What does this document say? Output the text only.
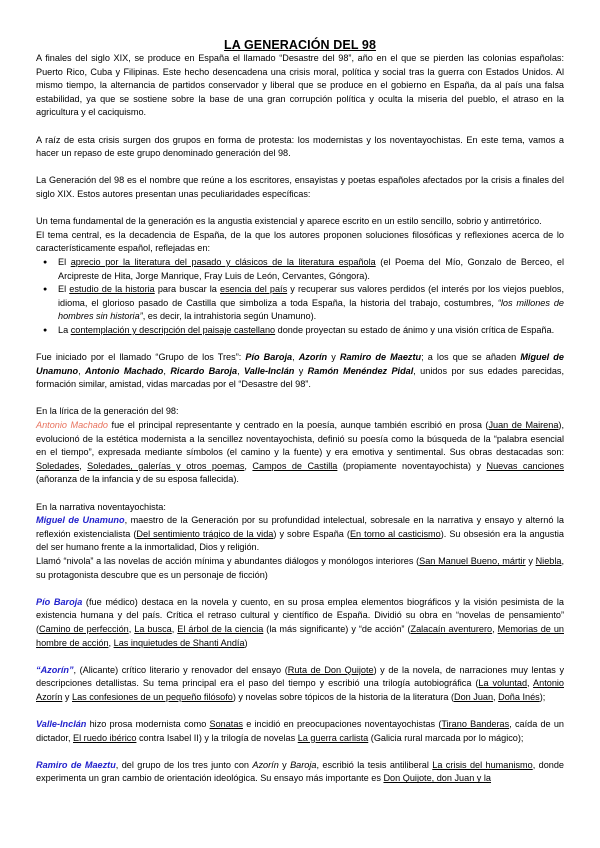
LA GENERACIÓN DEL 98

A finales del siglo XIX, se produce en España el llamado “Desastre del 98”, año en el que se pierden las colonias españolas: Puerto Rico, Cuba y Filipinas. Este hecho desencadena una crisis moral, política y social tras la guerra con Estados Unidos. Al mismo tiempo, la alternancia de partidos conservador y liberal que se produce en el gobierno en España, da al país una falsa estabilidad, ya que se sostiene sobre la base de una gran corrupción política y oculta la miseria del pueblo, el atraso en la agricultura y el caciquismo.

A raíz de esta crisis surgen dos grupos en forma de protesta: los modernistas y los noventayochistas. En este tema, vamos a hacer un repaso de este grupo denominado generación del 98.

La Generación del 98 es el nombre que reúne a los escritores, ensayistas y poetas españoles afectados por la crisis a finales del siglo XIX. Estos autores presentan unas peculiaridades específicas:

Un tema fundamental de la generación es la angustia existencial y aparece escrito en un estilo sencillo, sobrio y antirretórico.

El tema central, es la decadencia de España, de la que los autores proponen soluciones filosóficas y reflexiones acerca de lo característicamente español, reflejadas en:

● El aprecio por la literatura del pasado y clásicos de la literatura española (el Poema del Mío, Gonzalo de Berceo, el Arcipreste de Hita, Jorge Manrique, Fray Luis de León, Cervantes, Góngora).
● El estudio de la historia para buscar la esencia del país y recuperar sus valores perdidos (el interés por los viejos pueblos, idioma, el glorioso pasado de Castilla que simboliza a toda España, la historia del trabajo, costumbres, “los millones de hombres sin historia”, es decir, la intrahistoria según Unamuno).
● La contemplación y descripción del paisaje castellano donde proyectan su estado de ánimo y una visión crítica de España.

Fue iniciado por el llamado “Grupo de los Tres”: Pío Baroja, Azorín y Ramiro de Maeztu; a los que se añaden Miguel de Unamuno, Antonio Machado, Ricardo Baroja, Valle-Inclán y Ramón Menéndez Pidal, unidos por sus edades parecidas, formación similar, amistad, vidas marcadas por el “Desastre del 98”.

En la lírica de la generación del 98:

Antonio Machado fue el principal representante y centrado en la poesía, aunque también escribió en prosa (Juan de Mairena), evolucionó de la estética modernista a la sencillez noventayochista, definió su poesía como la búsqueda de la “palabra esencial en el tiempo”, expresada mediante símbolos (el camino y la fuente) y era emotiva y sentimental. Sus obras destacadas son: Soledades, Soledades, galerías y otros poemas, Campos de Castilla (propiamente noventayochista) y Nuevas canciones (añoranza de la infancia y de su esposa fallecida).

En la narrativa noventayochista:

Miguel de Unamuno, maestro de la Generación por su profundidad intelectual, sobresale en la narrativa y ensayo y alternó la reflexión existencialista (Del sentimiento trágico de la vida) y sobre España (En torno al casticismo). Su obsesión era la angustia del ser humano frente a la inmortalidad, Dios y religión.

Llamó “nivola” a las novelas de acción mínima y abundantes diálogos y monólogos interiores (San Manuel Bueno, mártir y Niebla, su protagonista descubre que es un personaje de ficción)

Pío Baroja (fue médico) destaca en la novela y cuento, en su prosa emplea elementos biográficos y la visión pesimista de la existencia humana y del país. Crítica el retraso cultural y científico de España. Dividió su obra en “novelas de pensamiento” (Camino de perfección, La busca, El árbol de la ciencia (la más significante) y “de acción” (Zalacaín aventurero, Memorias de un hombre de acción, Las inquietudes de Shanti Andía)

“Azorín”, (Alicante) crítico literario y renovador del ensayo (Ruta de Don Quijote) y de la novela, de narraciones muy lentas y descripciones detallistas. Su tema principal era el paso del tiempo y escribió una trilogía autobiográfica (La voluntad, Antonio Azorín y Las confesiones de un pequeño filósofo) y novelas sobre tópicos de la historia de la literatura (Don Juan, Doña Inés);

Valle-Inclán hizo prosa modernista como Sonatas e incidió en preocupaciones noventayochistas (Tirano Banderas, caída de un dictador, El ruedo ibérico contra Isabel II) y la trilogía de novelas La guerra carlista (Galicia rural marcada por lo mágico);

Ramiro de Maeztu, del grupo de los tres junto con Azorín y Baroja, escribió la tesis antiliberal La crisis del humanismo, donde experimenta un gran cambio de orientación ideológica. Su ensayo más importante es Don Quijote, don Juan y la
